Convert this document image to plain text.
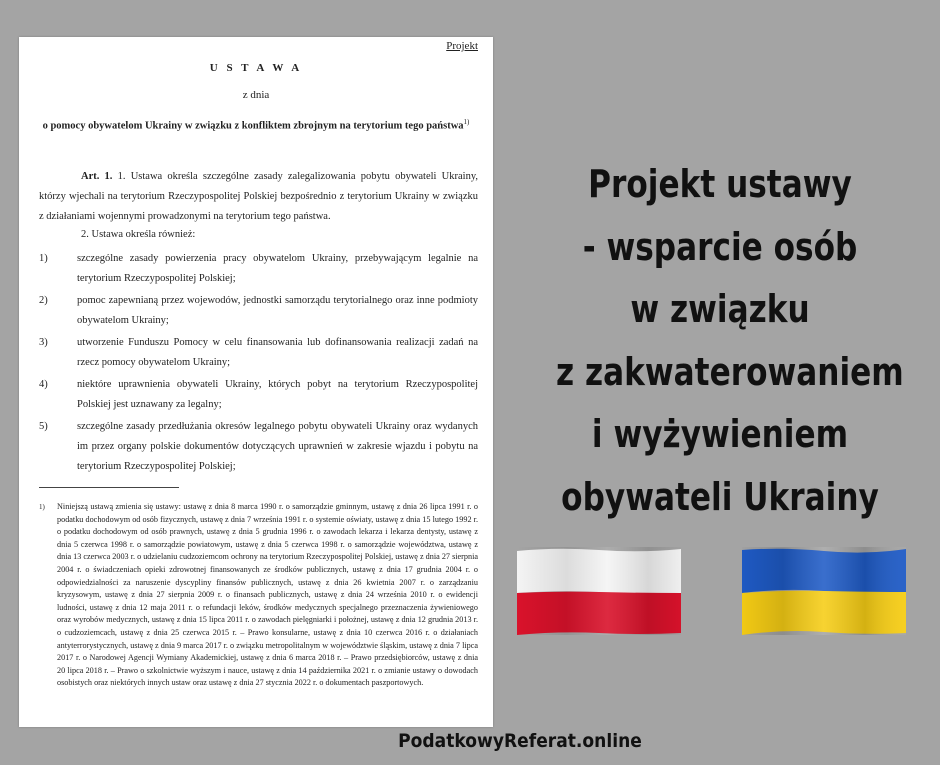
Projekt
U S T A W A
z dnia
o pomocy obywatelom Ukrainy w związku z konfliktem zbrojnym na terytorium tego państwa$^{1)}$
Art. 1. 1. Ustawa określa szczególne zasady zalegalizowania pobytu obywateli Ukrainy, którzy wjechali na terytorium Rzeczypospolitej Polskiej bezpośrednio z terytorium Ukrainy w związku z działaniami wojennymi prowadzonymi na terytorium tego państwa.
2. Ustawa określa również:
1)	szczególne zasady powierzenia pracy obywatelom Ukrainy, przebywającym legalnie na terytorium Rzeczypospolitej Polskiej;
2)	pomoc zapewnianą przez wojewodów, jednostki samorządu terytorialnego oraz inne podmioty obywatelom Ukrainy;
3)	utworzenie Funduszu Pomocy w celu finansowania lub dofinansowania realizacji zadań na rzecz pomocy obywatelom Ukrainy;
4)	niektóre uprawnienia obywateli Ukrainy, których pobyt na terytorium Rzeczypospolitej Polskiej jest uznawany za legalny;
5)	szczególne zasady przedłużania okresów legalnego pobytu obywateli Ukrainy oraz wydanych im przez organy polskie dokumentów dotyczących uprawnień w zakresie wjazdu i pobytu na terytorium Rzeczypospolitej Polskiej;
1) Niniejszą ustawą zmienia się ustawy: ustawę z dnia 8 marca 1990 r. o samorządzie gminnym, ustawę z dnia 26 lipca 1991 r. o podatku dochodowym od osób fizycznych, ustawę z dnia 7 września 1991 r. o systemie oświaty, ustawę z dnia 15 lutego 1992 r. o podatku dochodowym od osób prawnych, ustawę z dnia 5 grudnia 1996 r. o zawodach lekarza i lekarza dentysty, ustawę z dnia 5 czerwca 1998 r. o samorządzie powiatowym, ustawę z dnia 5 czerwca 1998 r. o samorządzie województwa, ustawę z dnia 13 czerwca 2003 r. o udzielaniu cudzoziemcom ochrony na terytorium Rzeczypospolitej Polskiej, ustawę z dnia 27 sierpnia 2004 r. o świadczeniach opieki zdrowotnej finansowanych ze środków publicznych, ustawę z dnia 17 grudnia 2004 r. o odpowiedzialności za naruszenie dyscypliny finansów publicznych, ustawę z dnia 26 kwietnia 2007 r. o zarządzaniu kryzysowym, ustawę z dnia 27 sierpnia 2009 r. o finansach publicznych, ustawę z dnia 24 września 2010 r. o ewidencji ludności, ustawę z dnia 12 maja 2011 r. o refundacji leków, środków medycznych specjalnego przeznaczenia żywieniowego oraz wyrobów medycznych, ustawę z dnia 15 lipca 2011 r. o zawodach pielęgniarki i położnej, ustawę z dnia 12 grudnia 2013 r. o cudzoziemcach, ustawę z dnia 25 czerwca 2015 r. – Prawo konsularne, ustawę z dnia 10 czerwca 2016 r. o działaniach antyterrorystycznych, ustawę z dnia 9 marca 2017 r. o związku metropolitalnym w województwie śląskim, ustawę z dnia 7 lipca 2017 r. o Narodowej Agencji Wymiany Akademickiej, ustawę z dnia 6 marca 2018 r. – Prawo przedsiębiorców, ustawę z dnia 20 lipca 2018 r. – Prawo o szkolnictwie wyższym i nauce, ustawę z dnia 14 października 2021 r. o zmianie ustawy o dowodach osobistych oraz niektórych innych ustaw oraz ustawę z dnia 27 stycznia 2022 r. o dokumentach paszportowych.
Projekt ustawy
- wsparcie osób
w związku
z zakwaterowaniem
i wyżywieniem
obywateli Ukrainy
PodatkowyReferat.online
